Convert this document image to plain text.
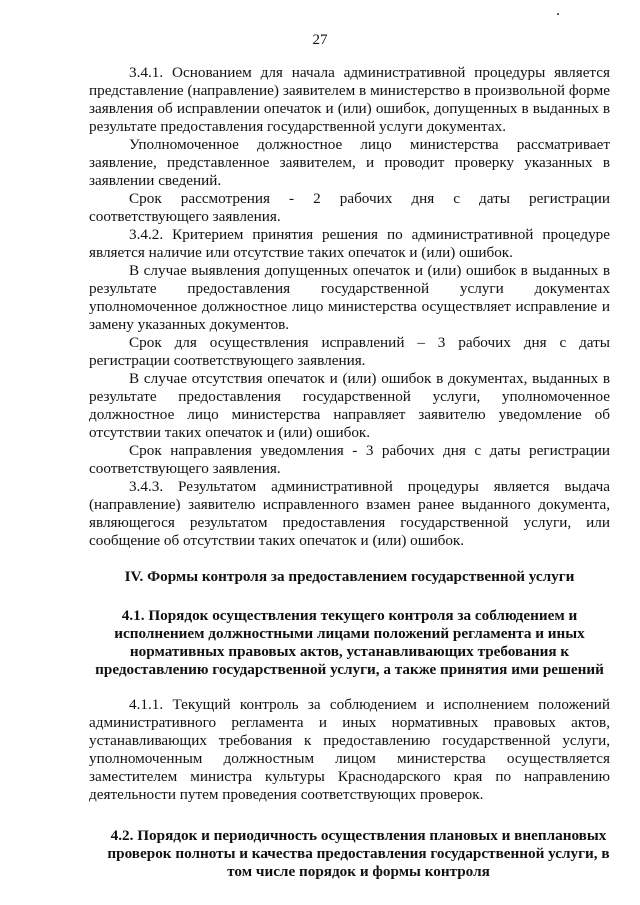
27

3.4.1. Основанием для начала административной процедуры является представление (направление) заявителем в министерство в произвольной форме заявления об исправлении опечаток и (или) ошибок, допущенных в выданных в результате предоставления государственной услуги документах.

Уполномоченное должностное лицо министерства рассматривает заявление, представленное заявителем, и проводит проверку указанных в заявлении сведений.

Срок рассмотрения - 2 рабочих дня с даты регистрации соответствующего заявления.

3.4.2. Критерием принятия решения по административной процедуре является наличие или отсутствие таких опечаток и (или) ошибок.

В случае выявления допущенных опечаток и (или) ошибок в выданных в результате предоставления государственной услуги документах уполномоченное должностное лицо министерства осуществляет исправление и замену указанных документов.

Срок для осуществления исправлений – 3 рабочих дня с даты регистрации соответствующего заявления.

В случае отсутствия опечаток и (или) ошибок в документах, выданных в результате предоставления государственной услуги, уполномоченное должностное лицо министерства направляет заявителю уведомление об отсутствии таких опечаток и (или) ошибок.

Срок направления уведомления - 3 рабочих дня с даты регистрации соответствующего заявления.

3.4.3. Результатом административной процедуры является выдача (направление) заявителю исправленного взамен ранее выданного документа, являющегося результатом предоставления государственной услуги, или сообщение об отсутствии таких опечаток и (или) ошибок.

IV. Формы контроля за предоставлением государственной услуги
4.1. Порядок осуществления текущего контроля за соблюдением и исполнением должностными лицами положений регламента и иных нормативных правовых актов, устанавливающих требования к предоставлению государственной услуги, а также принятия ими решений

4.1.1. Текущий контроль за соблюдением и исполнением положений административного регламента и иных нормативных правовых актов, устанавливающих требования к предоставлению государственной услуги, уполномоченным должностным лицом министерства осуществляется заместителем министра культуры Краснодарского края по направлению деятельности путем проведения соответствующих проверок.

4.2. Порядок и периодичность осуществления плановых и внеплановых проверок полноты и качества предоставления государственной услуги, в том числе порядок и формы контроля
